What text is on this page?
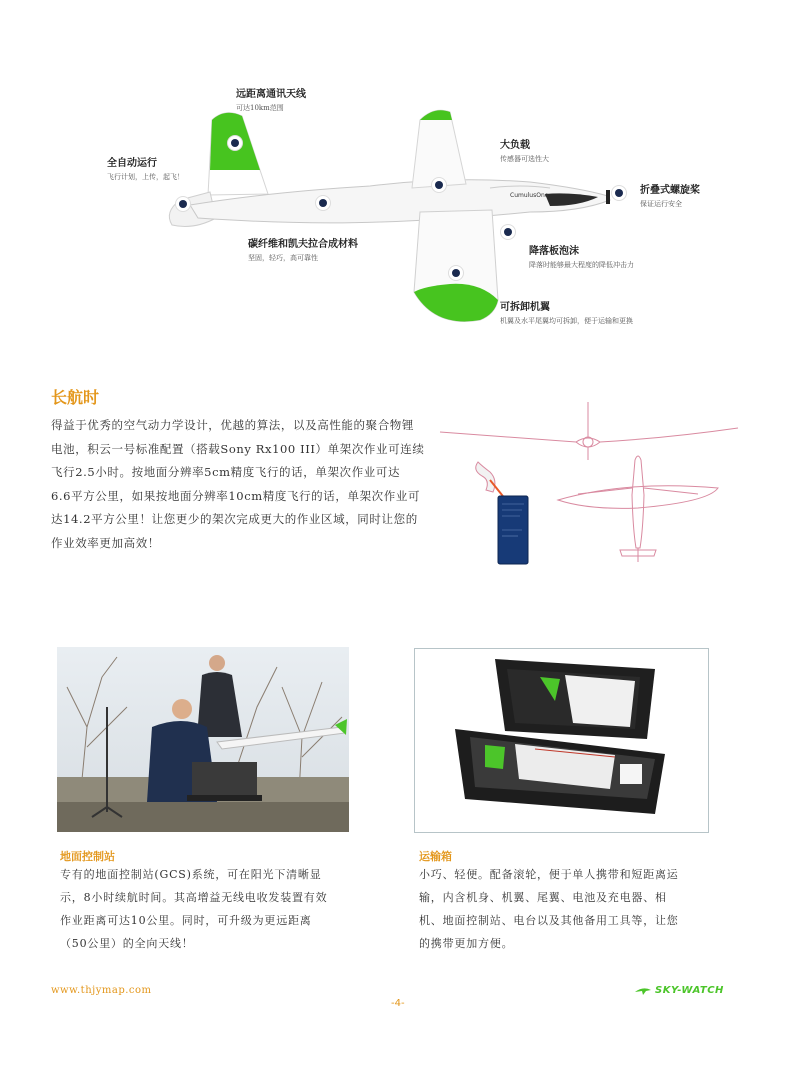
CumulusOne
远距离通讯天线
可达10km范围
全自动运行
飞行计划，上传，起飞！
大负载
传感器可选性大
折叠式螺旋桨
保证运行安全
碳纤维和凯夫拉合成材料
坚固，轻巧，高可靠性
降落板泡沫
降落时能够最大程度的降低冲击力
可拆卸机翼
机翼及水平尾翼均可拆卸，便于运输和更换
长航时
得益于优秀的空气动力学设计，优越的算法，以及高性能的聚合物锂
电池，积云一号标准配置（搭载Sony Rx100 III）单架次作业可连续
飞行2.5小时。按地面分辨率5cm精度飞行的话，单架次作业可达
6.6平方公里，如果按地面分辨率10cm精度飞行的话，单架次作业可
达14.2平方公里！让您更少的架次完成更大的作业区域，同时让您的
作业效率更加高效！
地面控制站
专有的地面控制站(GCS)系统，可在阳光下清晰显
示，8小时续航时间。其高增益无线电收发装置有效
作业距离可达10公里。同时，可升级为更远距离
（50公里）的全向天线！
运输箱
小巧、轻便。配备滚轮，便于单人携带和短距离运
输，内含机身、机翼、尾翼、电池及充电器、相
机、地面控制站、电台以及其他备用工具等，让您
的携带更加方便。
www.thjymap.com
-4-
SKY-WATCH
